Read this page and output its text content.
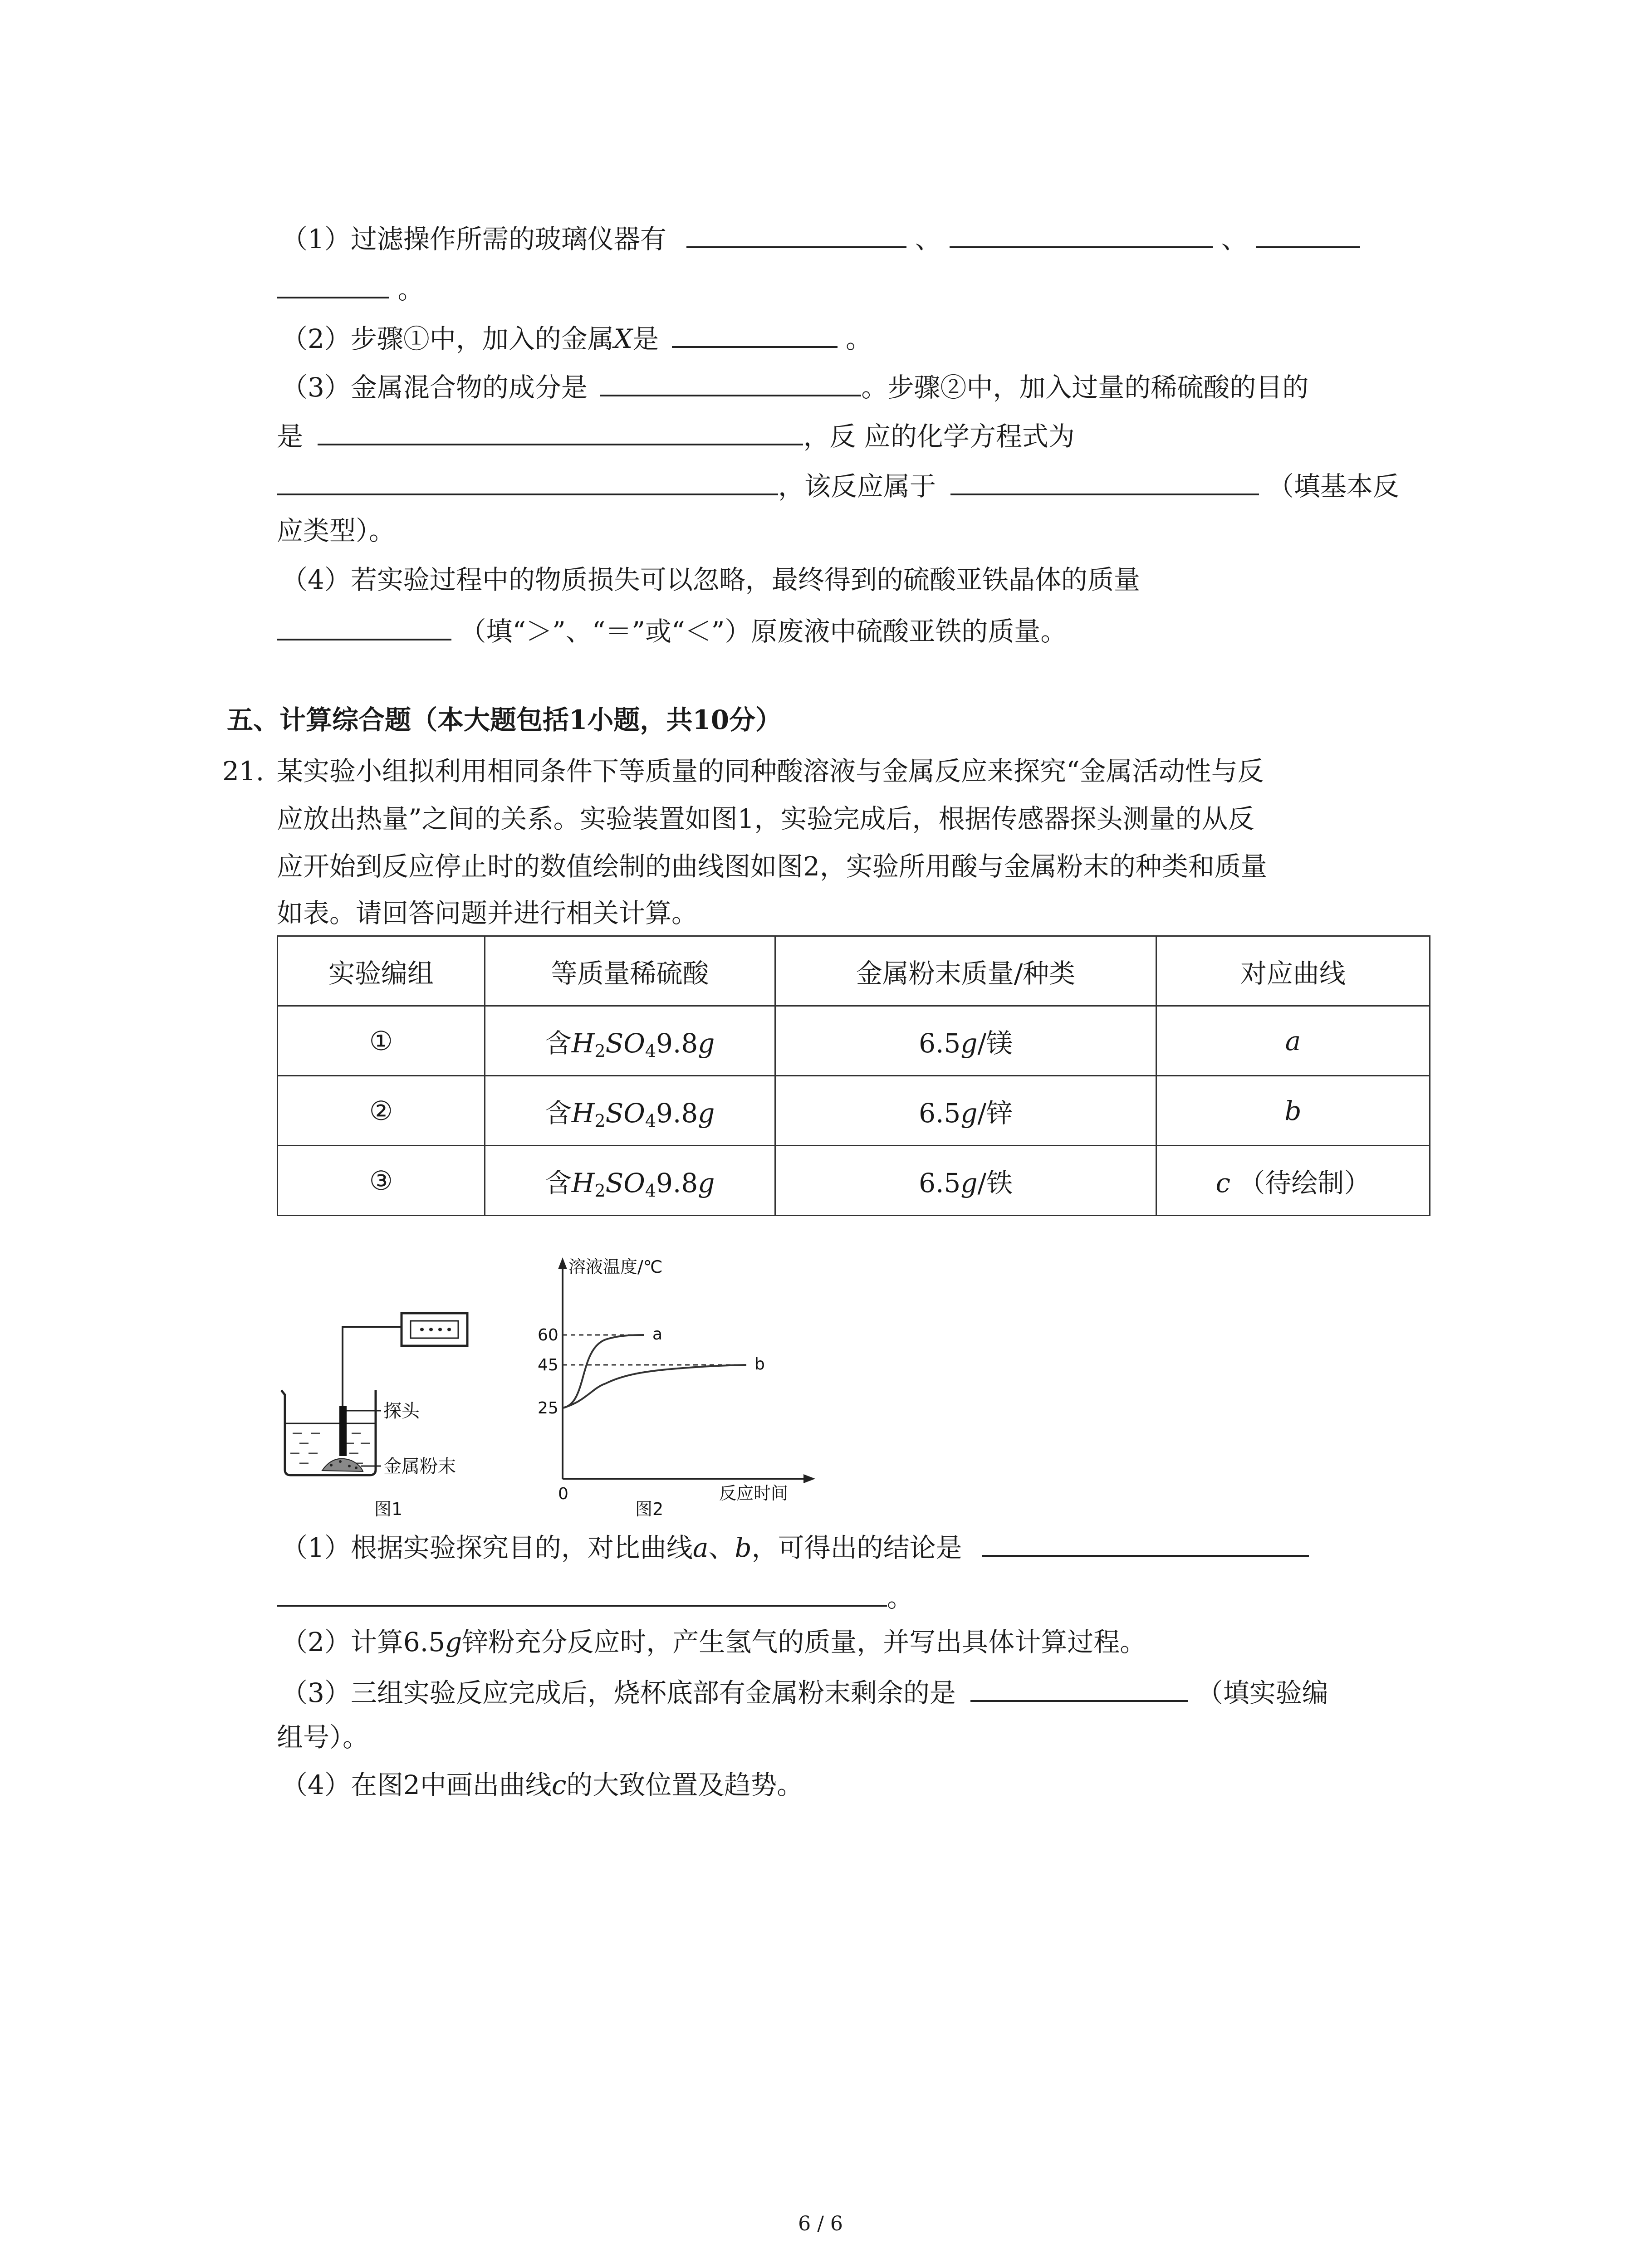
（1）过滤操作所需的玻璃仪器有	、	、
。
（2）步骤①中，加入的金属X是	。
（3）金属混合物的成分是	。步骤②中，加入过量的稀硫酸的目的
是	，反 应的化学方程式为
，该反应属于	（填基本反
应类型）。
（4）若实验过程中的物质损失可以忽略，最终得到的硫酸亚铁晶体的质量
（填“＞”、“＝”或“＜”）原废液中硫酸亚铁的质量。
五、计算综合题（本大题包括1小题，共10分）
21. 某实验小组拟利用相同条件下等质量的同种酸溶液与金属反应来探究“金属活动性与反
应放出热量”之间的关系。实验装置如图1，实验完成后，根据传感器探头测量的从反
应开始到反应停止时的数值绘制的曲线图如图2，实验所用酸与金属粉末的种类和质量
如表。请回答问题并进行相关计算。
实验编组	等质量稀硫酸	金属粉末质量/种类	对应曲线
①	含$H_2SO_49.8g$	6.5g/镁	a
②	含$H_2SO_49.8g$	6.5g/锌	b
③	含$H_2SO_49.8g$	6.5g/铁	c （待绘制）
探头
金属粉末
图1
溶液温度/℃
60
45
25
0
a
b
反应时间
图2
（1）根据实验探究目的，对比曲线a、b，可得出的结论是
。
（2）计算6.5g锌粉充分反应时，产生氢气的质量，并写出具体计算过程。
（3）三组实验反应完成后，烧杯底部有金属粉末剩余的是	（填实验编
组号）。
（4）在图2中画出曲线c的大致位置及趋势。
6 / 6
